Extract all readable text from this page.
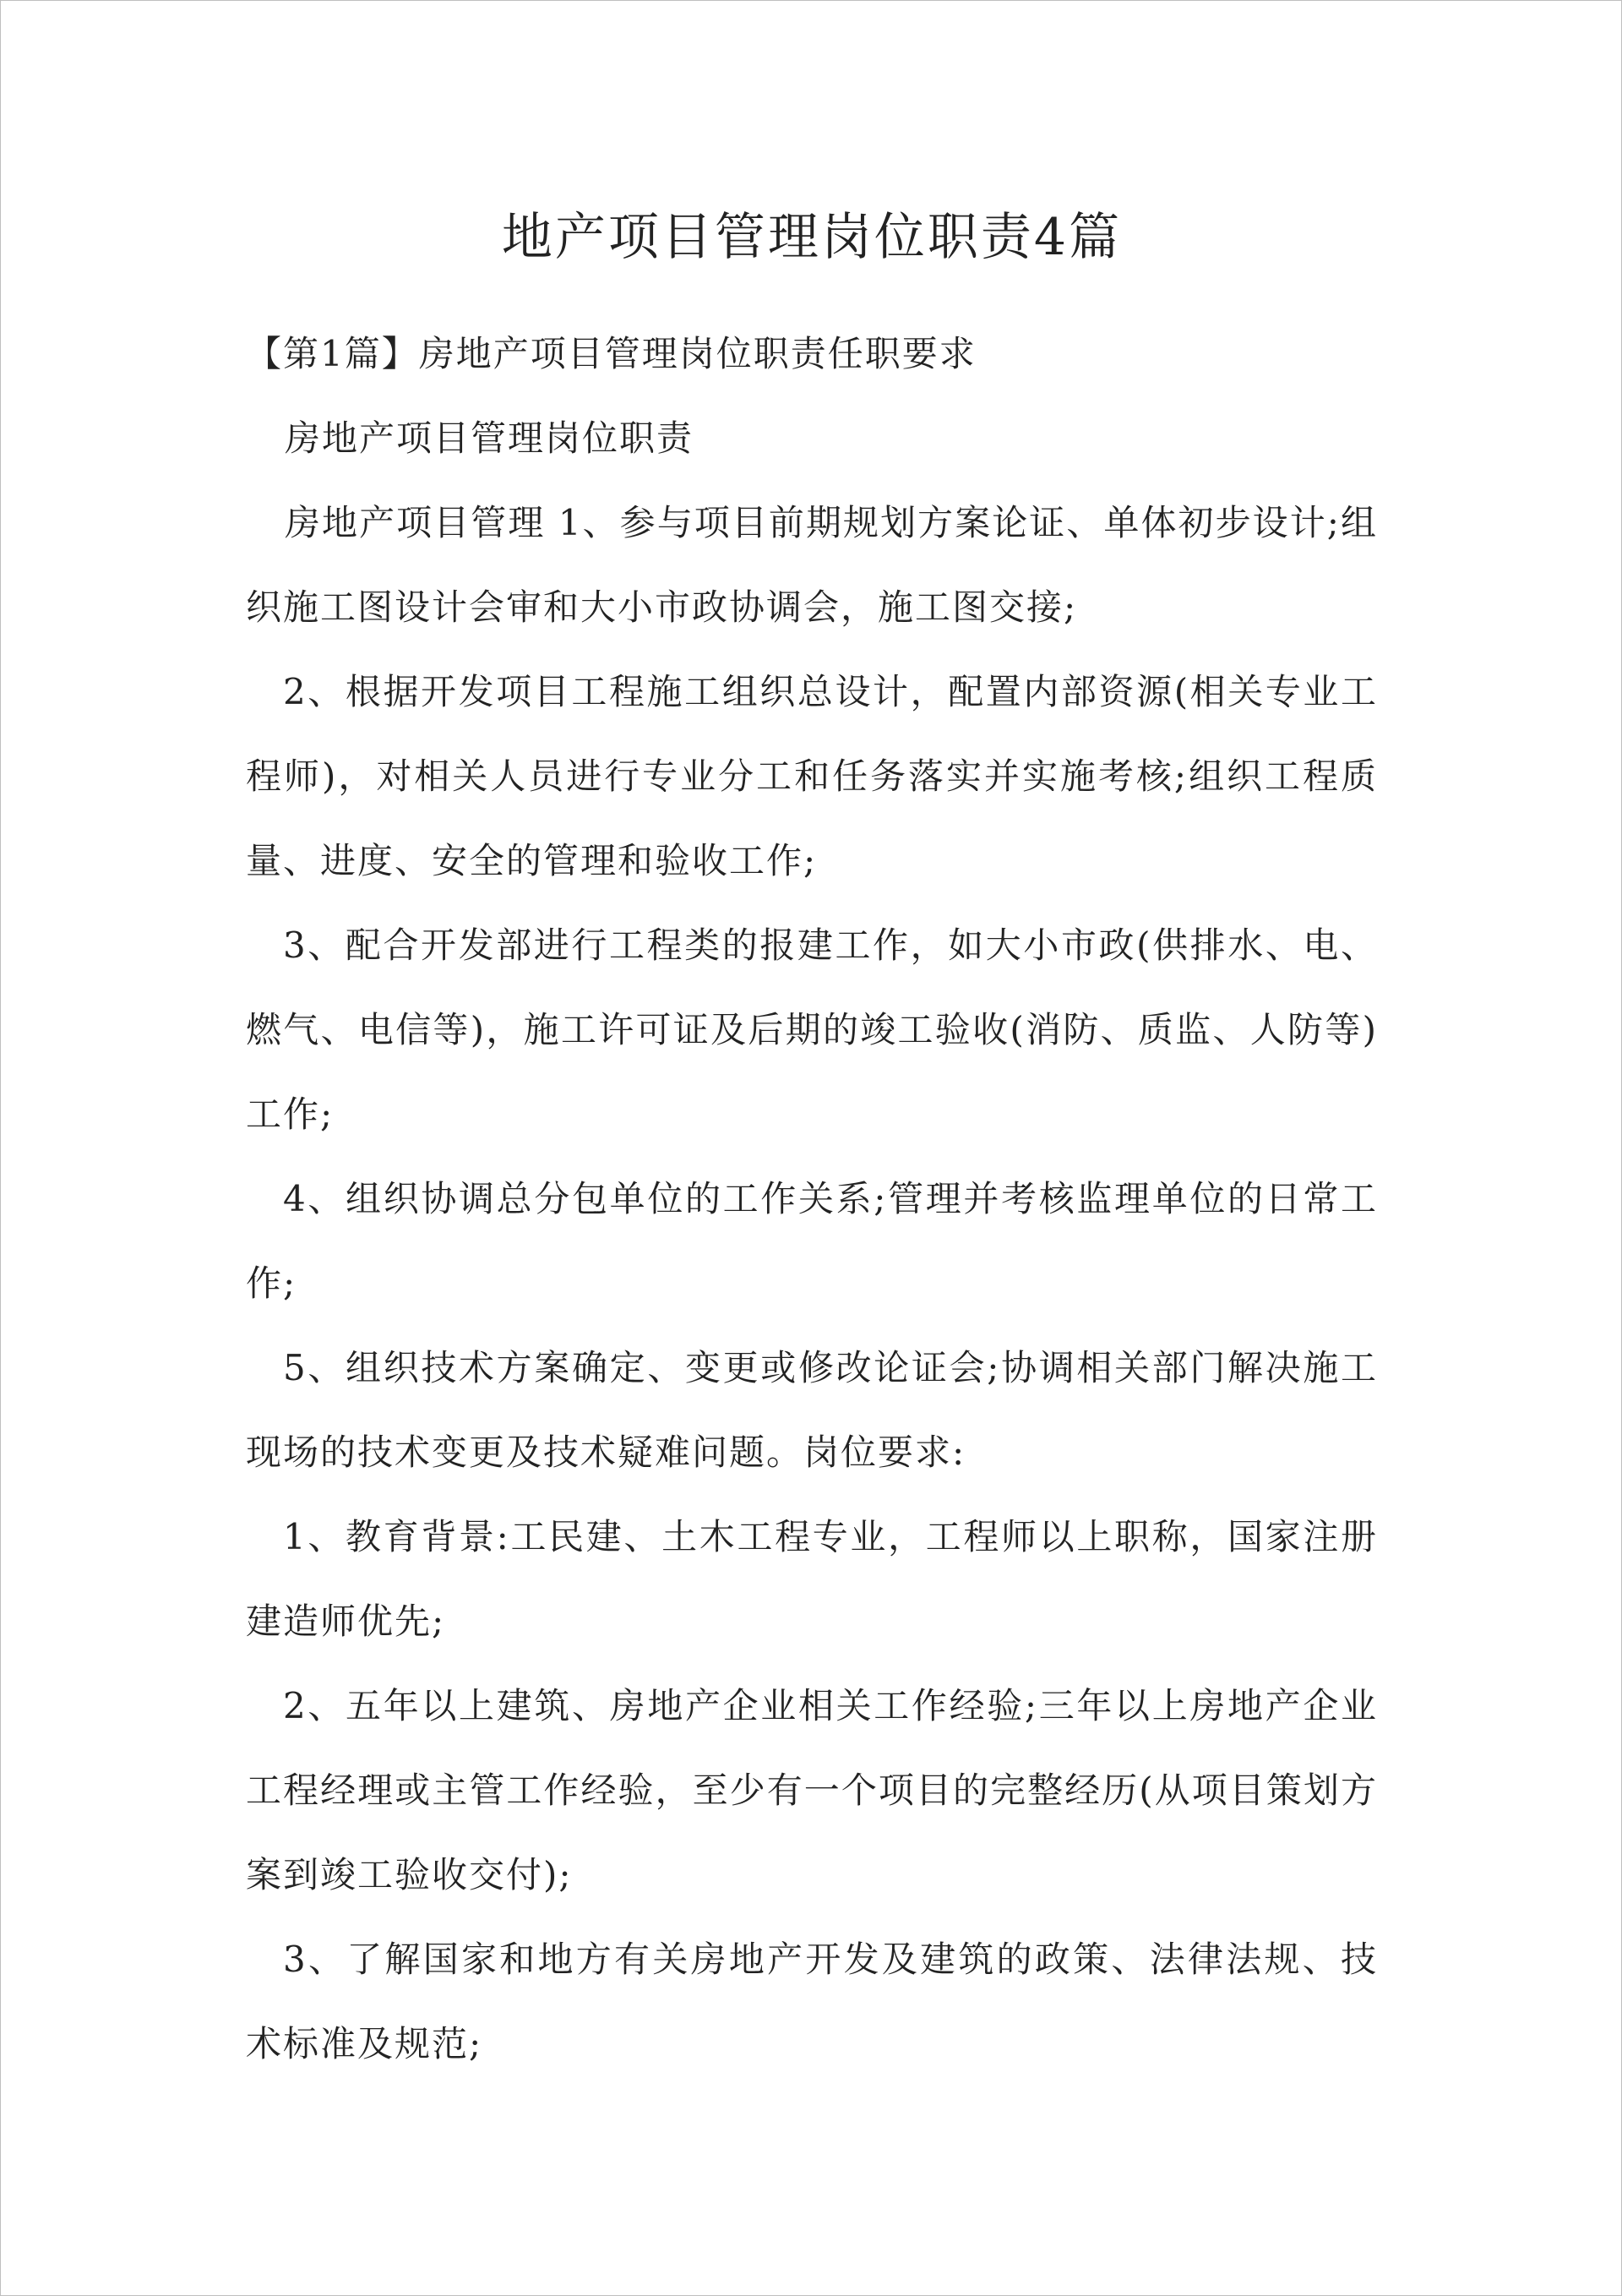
地产项目管理岗位职责4篇

【第1篇】房地产项目管理岗位职责任职要求

房地产项目管理岗位职责

房地产项目管理 1、参与项目前期规划方案论证、单体初步设计;组织施工图设计会审和大小市政协调会，施工图交接;

2、根据开发项目工程施工组织总设计，配置内部资源(相关专业工程师)，对相关人员进行专业分工和任务落实并实施考核;组织工程质量、进度、安全的管理和验收工作;

3、配合开发部进行工程类的报建工作，如大小市政(供排水、电、燃气、电信等)，施工许可证及后期的竣工验收(消防、质监、人防等)工作;

4、组织协调总分包单位的工作关系;管理并考核监理单位的日常工作;

5、组织技术方案确定、变更或修改论证会;协调相关部门解决施工现场的技术变更及技术疑难问题。岗位要求:

1、教育背景:工民建、土木工程专业，工程师以上职称，国家注册建造师优先;

2、五年以上建筑、房地产企业相关工作经验;三年以上房地产企业工程经理或主管工作经验，至少有一个项目的完整经历(从项目策划方案到竣工验收交付);

3、了解国家和地方有关房地产开发及建筑的政策、法律法规、技术标准及规范;
